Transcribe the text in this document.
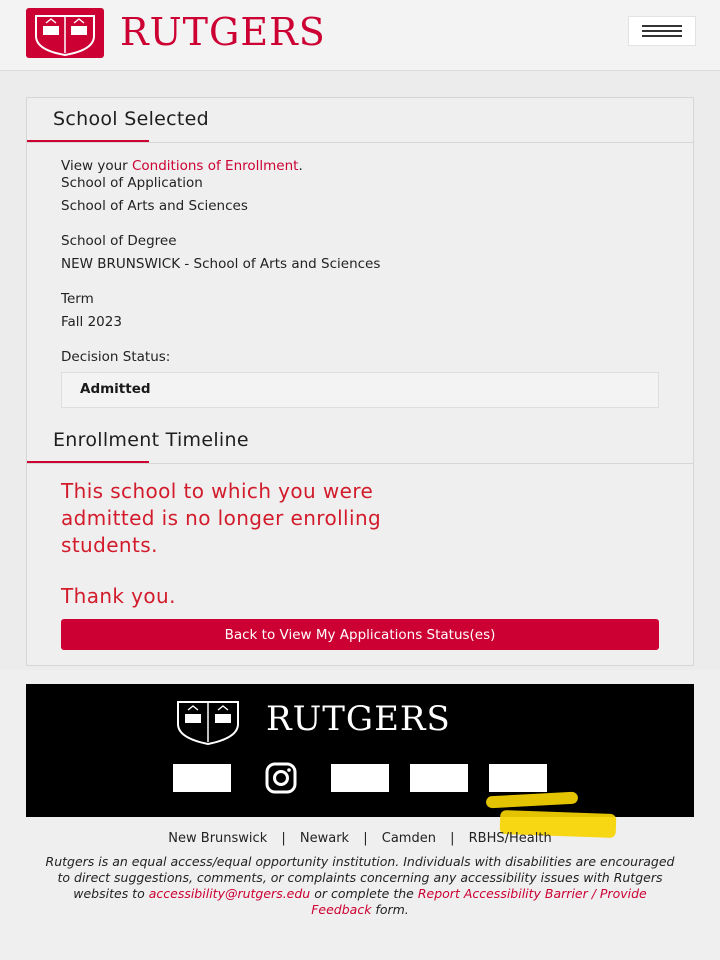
RUTGERS
School Selected
View your Conditions of Enrollment.
School of Application
School of Arts and Sciences
School of Degree
NEW BRUNSWICK - School of Arts and Sciences
Term
Fall 2023
Decision Status:
Admitted
Enrollment Timeline
This school to which you were
admitted is no longer enrolling
students.
Thank you.
Back to View My Applications Status(es)
RUTGERS
New Brunswick | Newark | Camden | RBHS/Health
Rutgers is an equal access/equal opportunity institution. Individuals with disabilities are encouraged to direct suggestions, comments, or complaints concerning any accessibility issues with Rutgers websites to accessibility@rutgers.edu or complete the Report Accessibility Barrier / Provide Feedback form.
